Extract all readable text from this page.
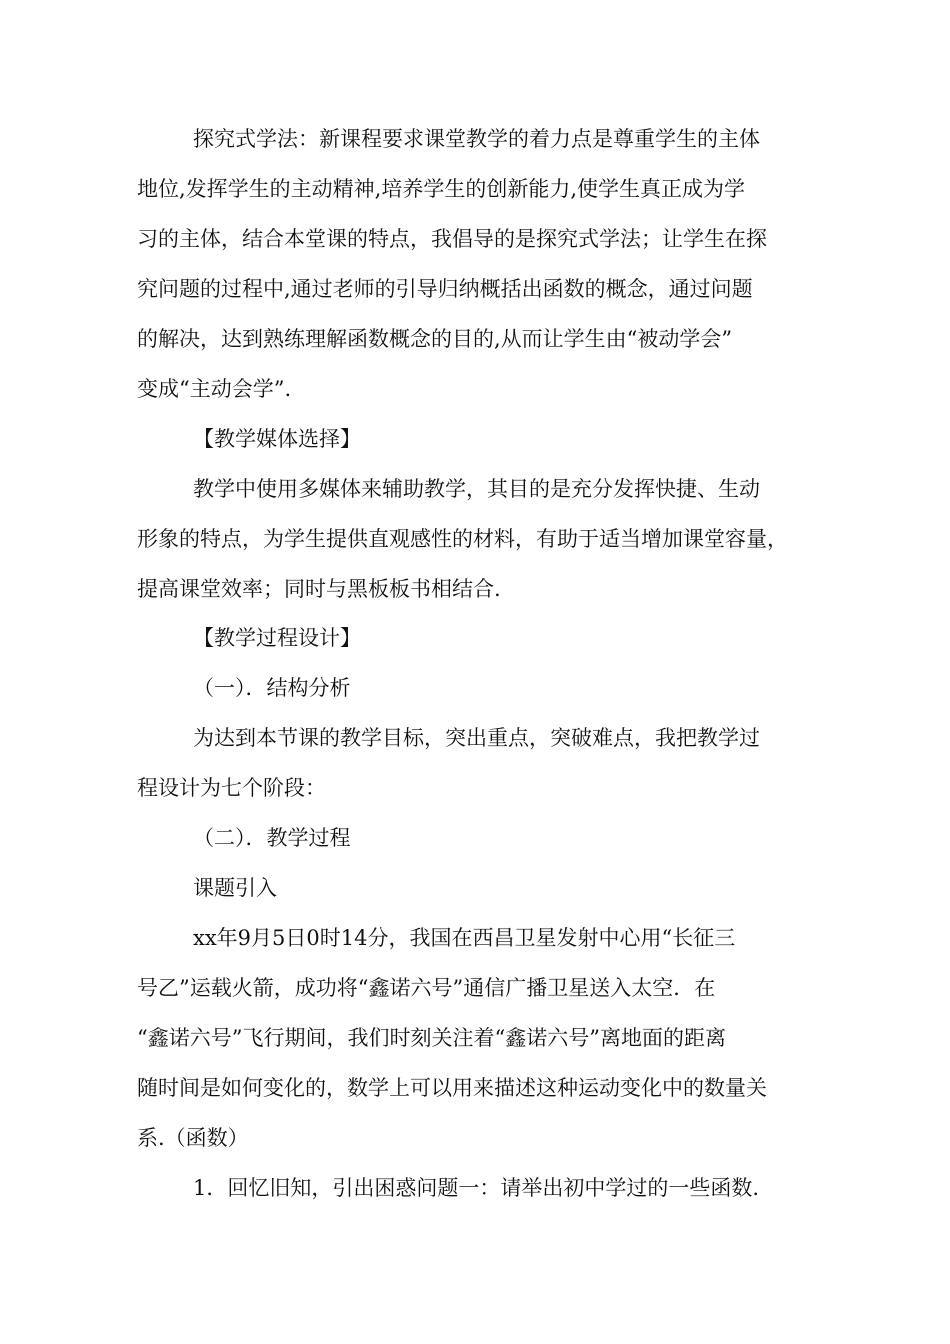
探究式学法：新课程要求课堂教学的着力点是尊重学生的主体
地位,发挥学生的主动精神,培养学生的创新能力,使学生真正成为学
习的主体，结合本堂课的特点，我倡导的是探究式学法；让学生在探
究问题的过程中,通过老师的引导归纳概括出函数的概念，通过问题
的解决，达到熟练理解函数概念的目的,从而让学生由“被动学会”
变成“主动会学”.
【教学媒体选择】
教学中使用多媒体来辅助教学，其目的是充分发挥快捷、生动
形象的特点，为学生提供直观感性的材料，有助于适当增加课堂容量，
提高课堂效率；同时与黑板板书相结合.
【教学过程设计】
（一）．结构分析
为达到本节课的教学目标，突出重点，突破难点，我把教学过
程设计为七个阶段：
（二）．教学过程
课题引入
xx年9月5日0时14分，我国在西昌卫星发射中心用“长征三
号乙”运载火箭，成功将“鑫诺六号”通信广播卫星送入太空．在
“鑫诺六号”飞行期间，我们时刻关注着“鑫诺六号”离地面的距离
随时间是如何变化的，数学上可以用来描述这种运动变化中的数量关
系.（函数）
1．回忆旧知，引出困惑问题一：请举出初中学过的一些函数.
